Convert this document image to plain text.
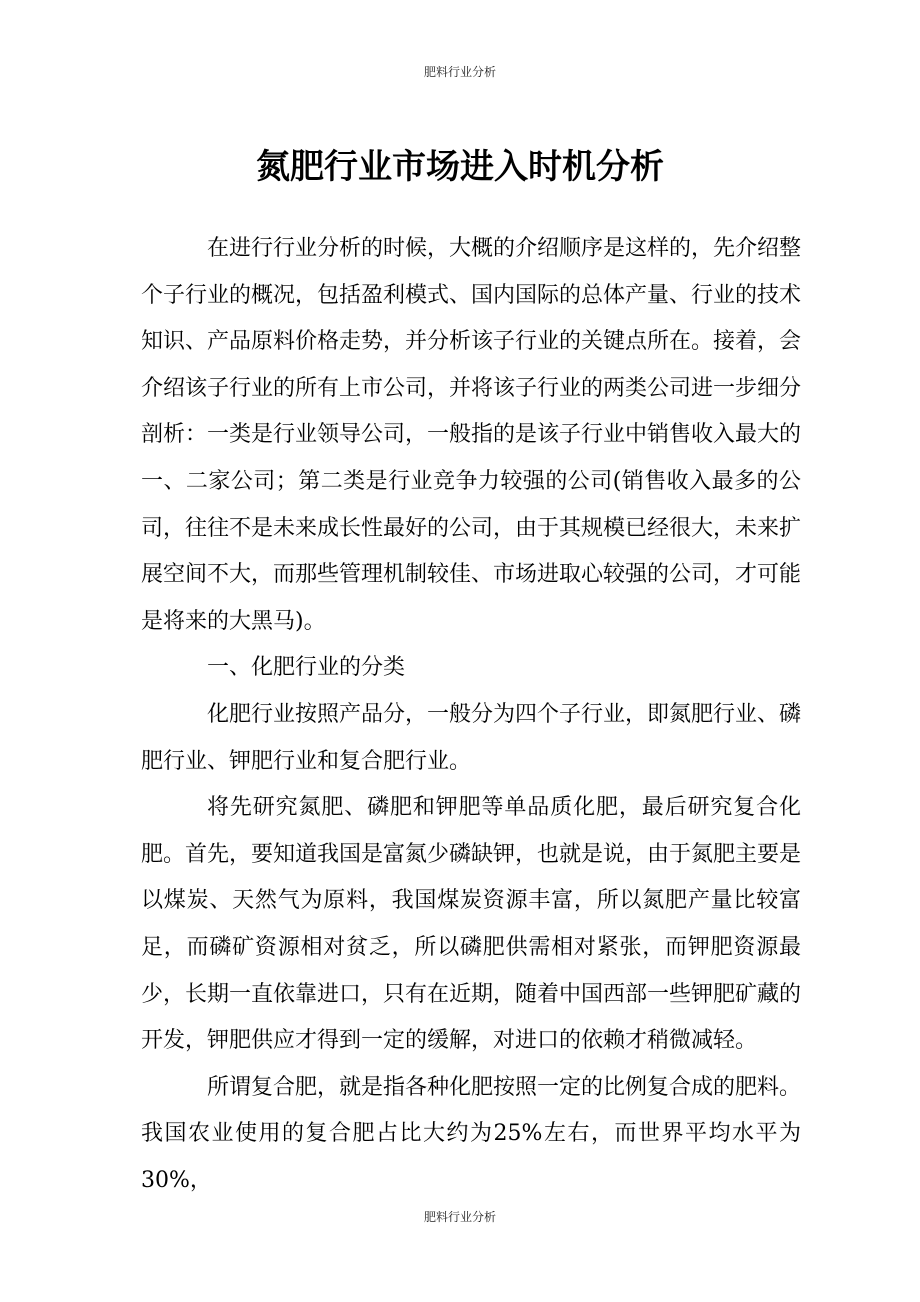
肥料行业分析
氮肥行业市场进入时机分析

在进行行业分析的时候，大概的介绍顺序是这样的，先介绍整个子行业的概况，包括盈利模式、国内国际的总体产量、行业的技术知识、产品原料价格走势，并分析该子行业的关键点所在。接着，会介绍该子行业的所有上市公司，并将该子行业的两类公司进一步细分剖析：一类是行业领导公司，一般指的是该子行业中销售收入最大的一、二家公司；第二类是行业竞争力较强的公司(销售收入最多的公司，往往不是未来成长性最好的公司，由于其规模已经很大，未来扩展空间不大，而那些管理机制较佳、市场进取心较强的公司，才可能是将来的大黑马)。

一、化肥行业的分类

化肥行业按照产品分，一般分为四个子行业，即氮肥行业、磷肥行业、钾肥行业和复合肥行业。

将先研究氮肥、磷肥和钾肥等单品质化肥，最后研究复合化肥。首先，要知道我国是富氮少磷缺钾，也就是说，由于氮肥主要是以煤炭、天然气为原料，我国煤炭资源丰富，所以氮肥产量比较富足，而磷矿资源相对贫乏，所以磷肥供需相对紧张，而钾肥资源最少，长期一直依靠进口，只有在近期，随着中国西部一些钾肥矿藏的开发，钾肥供应才得到一定的缓解，对进口的依赖才稍微减轻。

所谓复合肥，就是指各种化肥按照一定的比例复合成的肥料。我国农业使用的复合肥占比大约为25%左右，而世界平均水平为30%，

肥料行业分析
